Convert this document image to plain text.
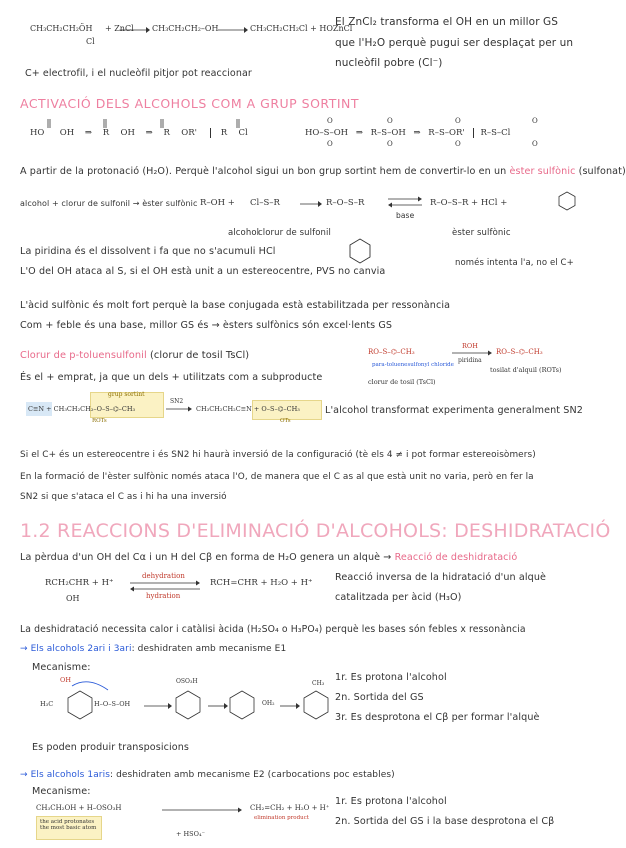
CH₃CH₂CH₂ÖH + ZnCl
Cl
CH₃CH₂CH₂–OH	CH₃CH₂CH₂Cl + HOZnCl
El ZnCl₂ transforma el OH en un millor GS
que l'H₂O perquè pugui ser desplaçat per un
nucleòfil pobre (Cl⁻)
C+ electrofil, i el nucleòfil pitjor pot reaccionar
ACTIVACIÓ DELS ALCOHOLS COM A GRUP SORTINT
HO OH ⇒ R OH ⇒ R OR'	R Cl	HO–S–OH ⇒ R–S–OH ⇒ R–S–OR' R–S–Cl
O
O
O
O
O
O
O
O
A partir de la protonació (H₂O). Perquè l'alcohol sigui un bon grup sortint hem de convertir-lo en un èster sulfònic (sulfonat)
alcohol + clorur de sulfonil → èster sulfònic R–OH + Cl–S–R	R–O–S–R ⇌
base
R–O–S–R + HCl +
alcohol
clorur de sulfonil	èster sulfònic
La piridina és el dissolvent i fa que no s'acumuli HCl
L'O del OH ataca al S, si el OH està unit a un estereocentre, PVS no canvia
només intenta l'a, no el C+
L'àcid sulfònic és molt fort perquè la base conjugada està estabilitzada per ressonància
Com + feble és una base, millor GS és → èsters sulfònics són excel·lents GS
Clorur de p-toluensulfonil (clorur de tosil TsCl)
És el + emprat, ja que un dels + utilitzats com a subproducte
RO–S–⌬–CH₃
ROH
piridina
RO–S–⌬–CH₃
para-toluenesulfonyl chloride
clorur de tosil (TsCl)
tosilat d'alquil (ROTs)
grup sortint
C≡N + CH₃CH₂CH₂–O–S–⌬–CH₃
SN2
CH₃CH₂CH₂C≡N + O–S–⌬–CH₃
ROTs	OTs
L'alcohol transformat experimenta generalment SN2
Si el C+ és un estereocentre i és SN2 hi haurà inversió de la configuració (tè els 4 ≠ i pot formar estereoisòmers)
En la formació de l'èster sulfònic només ataca l'O, de manera que el C as al que està unit no varia, però en fer la
SN2 si que s'ataca el C as i hi ha una inversió
1.2 REACCIONS D'ELIMINACIÓ D'ALCOHOLS: DESHIDRATACIÓ
La pèrdua d'un OH del Cα i un H del Cβ en forma de H₂O genera un alquè → Reacció de deshidratació
RCH₂CHR + H⁺
OH
dehydration
hydration
RCH=CHR + H₂O + H⁺ Reacció inversa de la hidratació d'un alquè
catalitzada per àcid (H₃O)
La deshidratació necessita calor i catàlisi àcida (H₂SO₄ o H₃PO₄) perquè les bases són febles x ressonància
→ Els alcohols 2ari i 3ari: deshidraten amb mecanisme E1
Mecanisme:
H₃C
OH
H–O–S–OH
OSO₃H
OH₂
CH₃
1r. Es protona l'alcohol
2n. Sortida del GS
3r. Es desprotona el Cβ per formar l'alquè
Es poden produir transposicions
→ Els alcohols 1aris: deshidraten amb mecanisme E2 (carbocations poc estables)
Mecanisme:
CH₃CH₂OH + H–OSO₃H	CH₂=CH₂ + H₂O + H⁺
elimination product
+ HSO₄⁻
the acid protonates
the most basic atom
1r. Es protona l'alcohol
2n. Sortida del GS i la base desprotona el Cβ
